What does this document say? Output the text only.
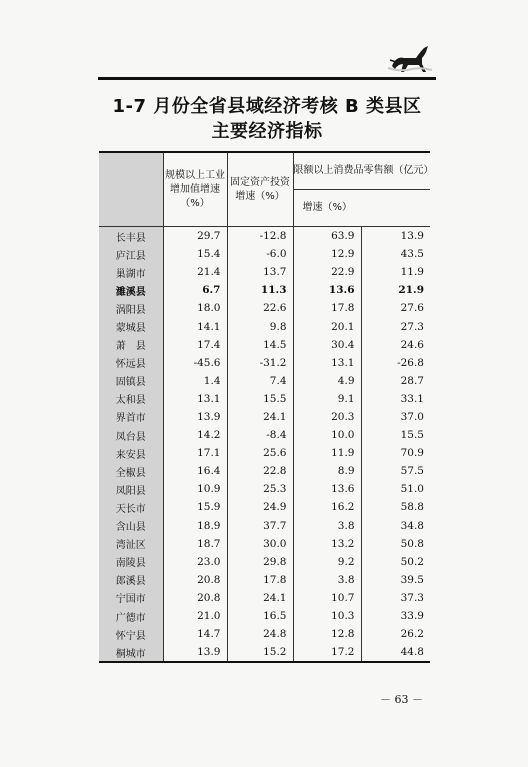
1-7 月份全省县域经济考核 B 类县区
主要经济指标
	规模以上工业增加值增速（%）	固定资产投资增速（%）	限额以上消费品零售额（亿元）	
			增速（%）	
长丰县	29.7	-12.8	63.9	13.9
庐江县	15.4	-6.0	12.9	43.5
巢湖市	21.4	13.7	22.9	11.9
濉溪县	6.7	11.3	13.6	21.9
涡阳县	18.0	22.6	17.8	27.6
蒙城县	14.1	9.8	20.1	27.3
萧　县	17.4	14.5	30.4	24.6
怀远县	-45.6	-31.2	13.1	-26.8
固镇县	1.4	7.4	4.9	28.7
太和县	13.1	15.5	9.1	33.1
界首市	13.9	24.1	20.3	37.0
凤台县	14.2	-8.4	10.0	15.5
来安县	17.1	25.6	11.9	70.9
全椒县	16.4	22.8	8.9	57.5
凤阳县	10.9	25.3	13.6	51.0
天长市	15.9	24.9	16.2	58.8
含山县	18.9	37.7	3.8	34.8
湾沚区	18.7	30.0	13.2	50.8
南陵县	23.0	29.8	9.2	50.2
郎溪县	20.8	17.8	3.8	39.5
宁国市	20.8	24.1	10.7	37.3
广德市	21.0	16.5	10.3	33.9
怀宁县	14.7	24.8	12.8	26.2
桐城市	13.9	15.2	17.2	44.8
－ 63 －
